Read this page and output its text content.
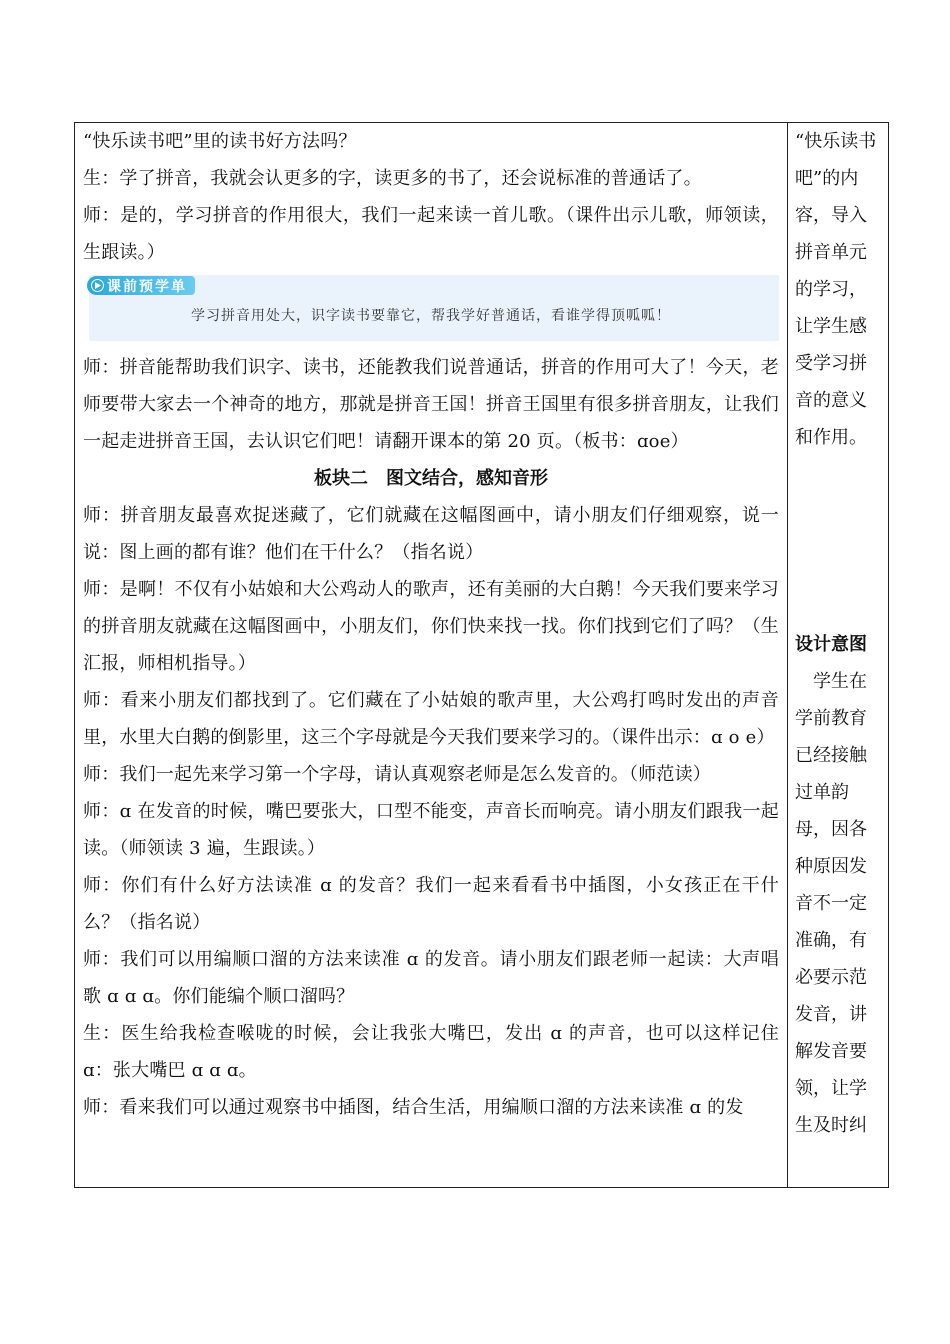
“快乐读书吧”里的读书好方法吗？

生：学了拼音，我就会认更多的字，读更多的书了，还会说标准的普通话了。

师：是的，学习拼音的作用很大，我们一起来读一首儿歌。（课件出示儿歌，师领读，生跟读。）

课前预学单
学习拼音用处大，识字读书要靠它，帮我学好普通话，看谁学得顶呱呱！

师：拼音能帮助我们识字、读书，还能教我们说普通话，拼音的作用可大了！今天，老师要带大家去一个神奇的地方，那就是拼音王国！拼音王国里有很多拼音朋友，让我们一起走进拼音王国，去认识它们吧！请翻开课本的第 20 页。（板书：ɑoe）

板块二　图文结合，感知音形

师：拼音朋友最喜欢捉迷藏了，它们就藏在这幅图画中，请小朋友们仔细观察，说一说：图上画的都有谁？他们在干什么？（指名说）

师：是啊！不仅有小姑娘和大公鸡动人的歌声，还有美丽的大白鹅！今天我们要来学习的拼音朋友就藏在这幅图画中，小朋友们，你们快来找一找。你们找到它们了吗？（生汇报，师相机指导。）

师：看来小朋友们都找到了。它们藏在了小姑娘的歌声里，大公鸡打鸣时发出的声音里，水里大白鹅的倒影里，这三个字母就是今天我们要来学习的。（课件出示：ɑ o e）

师：我们一起先来学习第一个字母，请认真观察老师是怎么发音的。（师范读）

师：ɑ 在发音的时候，嘴巴要张大，口型不能变，声音长而响亮。请小朋友们跟我一起读。（师领读 3 遍，生跟读。）

师：你们有什么好方法读准 ɑ 的发音？我们一起来看看书中插图，小女孩正在干什么？（指名说）

师：我们可以用编顺口溜的方法来读准 ɑ 的发音。请小朋友们跟老师一起读：大声唱歌 ɑ ɑ ɑ。你们能编个顺口溜吗？

生：医生给我检查喉咙的时候，会让我张大嘴巴，发出 ɑ 的声音，也可以这样记住 ɑ：张大嘴巴 ɑ ɑ ɑ。

师：看来我们可以通过观察书中插图，结合生活，用编顺口溜的方法来读准 ɑ 的发

“快乐读书吧”的内容，导入拼音单元的学习，让学生感受学习拼音的意义和作用。

设计意图

　学生在学前教育已经接触过单韵母，因各种原因发音不一定准确，有必要示范发音，讲解发音要领，让学生及时纠
